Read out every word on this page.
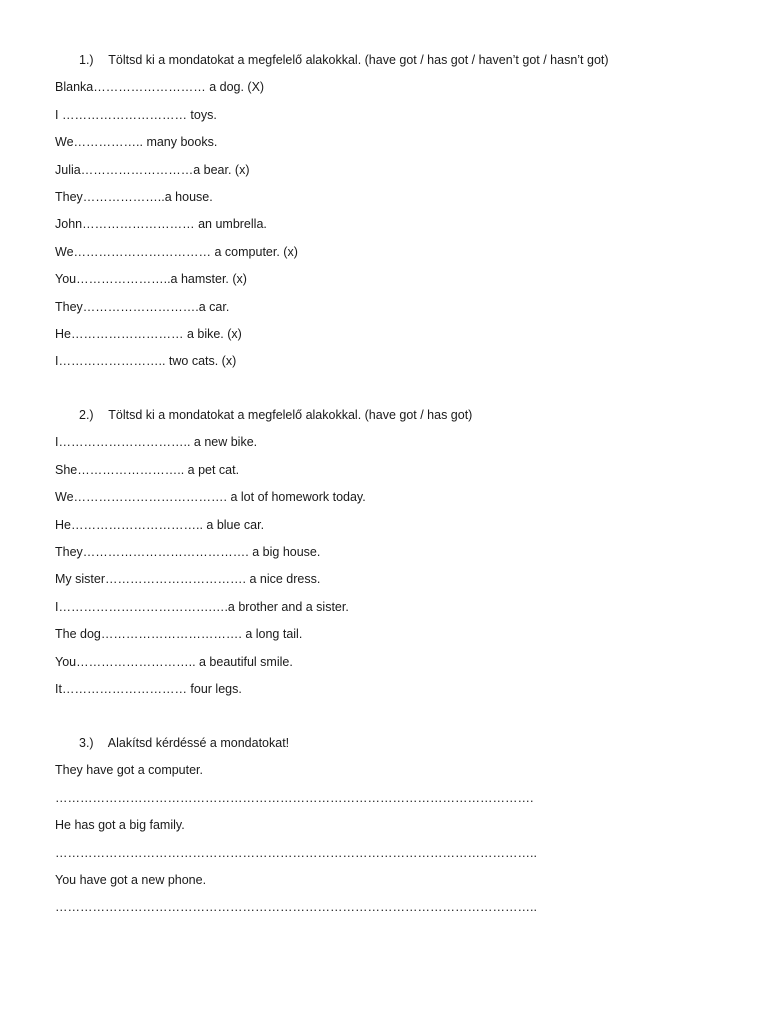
1.) Töltsd ki a mondatokat a megfelelő alakokkal. (have got / has got / haven’t got / hasn’t got)
Blanka……………………… a dog. (X)
I ………………………… toys.
We…………….. many books.
Julia………………………a bear. (x)
They………………..a house.
John……………………… an umbrella.
We…………………………… a computer. (x)
You…………………..a hamster. (x)
They……………………….a car.
He……………………… a bike. (x)
I…………………….. two cats. (x)
2.) Töltsd ki a mondatokat a megfelelő alakokkal. (have got / has got)
I………………………….. a new bike.
She…………………….. a pet cat.
We………………………………. a lot of homework today.
He………………………….. a blue car.
They…………………………………. a big house.
My sister……………………………. a nice dress.
I……………………………….….a brother and a sister.
The dog……………………………. a long tail.
You……………………….. a beautiful smile.
It………………………… four legs.
3.) Alakítsd kérdéssé a mondatokat!
They have got a computer.
…………………………………………………………………………………………………….
He has got a big family.
……………………………………………………………………………………………………..
You have got a new phone.
……………………………………………………………………………………………………..
